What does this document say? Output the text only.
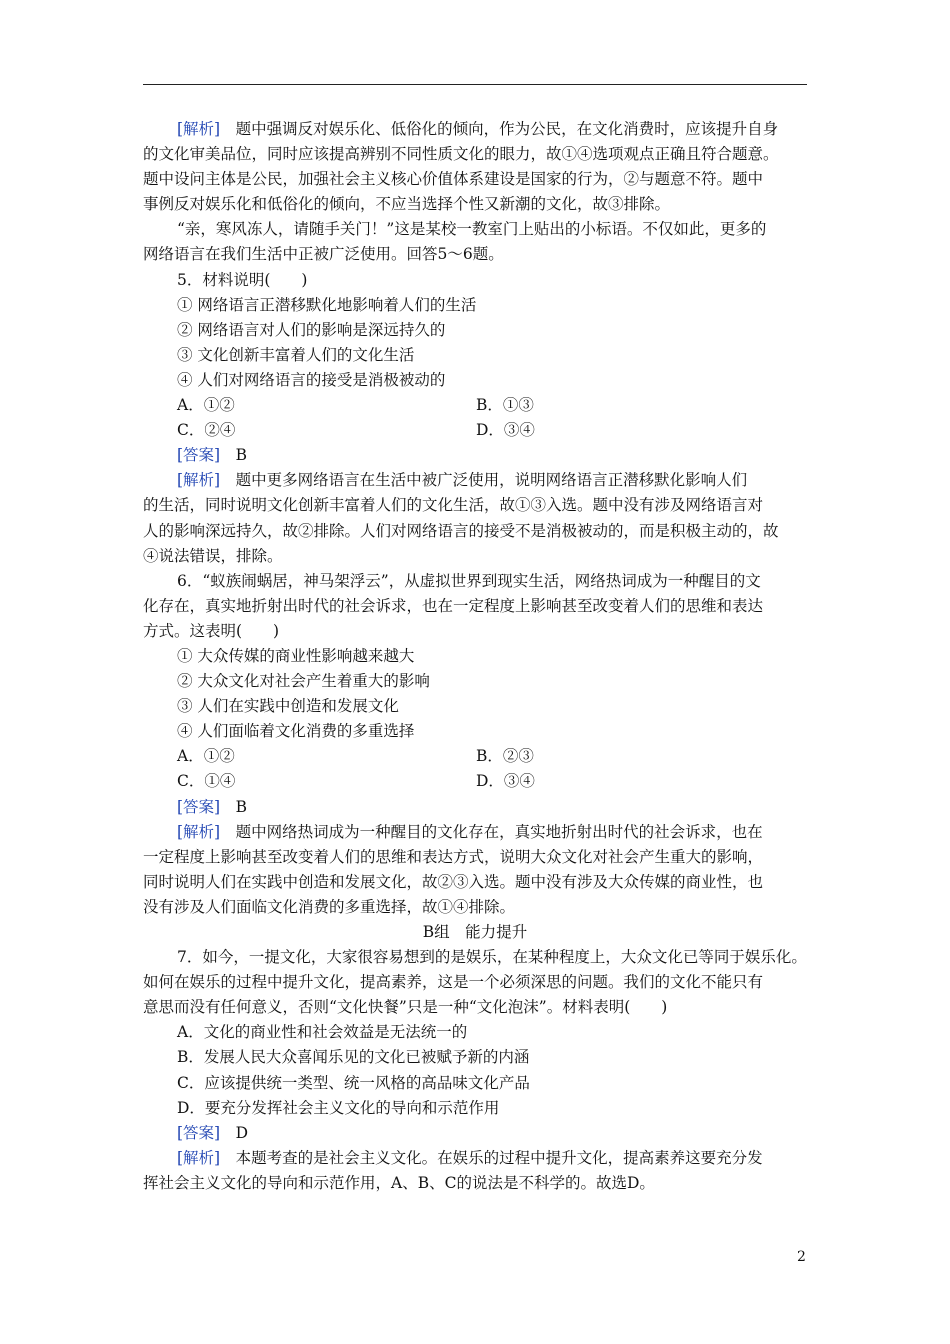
[解析]　 题中强调反对娱乐化、低俗化的倾向，作为公民，在文化消费时，应该提升自身
的文化审美品位，同时应该提高辨别不同性质文化的眼力，故①④选项观点正确且符合题意。
题中设问主体是公民，加强社会主义核心价值体系建设是国家的行为，②与题意不符。题中
事例反对娱乐化和低俗化的倾向，不应当选择个性又新潮的文化，故③排除。
“亲，寒风冻人，请随手关门！”这是某校一教室门上贴出的小标语。不仅如此，更多的
网络语言在我们生活中正被广泛使用。回答5～6题。
5．材料说明(　　)
① 网络语言正潜移默化地影响着人们的生活
② 网络语言对人们的影响是深远持久的
③ 文化创新丰富着人们的文化生活
④ 人们对网络语言的接受是消极被动的
A．①②	B．①③
C．②④	D．③④
[答案]　 B
[解析]　 题中更多网络语言在生活中被广泛使用，说明网络语言正潜移默化影响人们
的生活，同时说明文化创新丰富着人们的文化生活，故①③入选。题中没有涉及网络语言对
人的影响深远持久，故②排除。人们对网络语言的接受不是消极被动的，而是积极主动的，故
④说法错误，排除。
6．“蚁族闹蜗居，神马架浮云”，从虚拟世界到现实生活，网络热词成为一种醒目的文
化存在，真实地折射出时代的社会诉求，也在一定程度上影响甚至改变着人们的思维和表达
方式。这表明(　　)
① 大众传媒的商业性影响越来越大
② 大众文化对社会产生着重大的影响
③ 人们在实践中创造和发展文化
④ 人们面临着文化消费的多重选择
A．①②	B．②③
C．①④	D．③④
[答案]　 B
[解析]　 题中网络热词成为一种醒目的文化存在，真实地折射出时代的社会诉求，也在
一定程度上影响甚至改变着人们的思维和表达方式，说明大众文化对社会产生重大的影响，
同时说明人们在实践中创造和发展文化，故②③入选。题中没有涉及大众传媒的商业性，也
没有涉及人们面临文化消费的多重选择，故①④排除。
B组　能力提升
7．如今，一提文化，大家很容易想到的是娱乐，在某种程度上，大众文化已等同于娱乐化。
如何在娱乐的过程中提升文化，提高素养，这是一个必须深思的问题。我们的文化不能只有
意思而没有任何意义，否则“文化快餐”只是一种“文化泡沫”。材料表明(　　)
A．文化的商业性和社会效益是无法统一的
B．发展人民大众喜闻乐见的文化已被赋予新的内涵
C．应该提供统一类型、统一风格的高品味文化产品
D．要充分发挥社会主义文化的导向和示范作用
[答案]　 D
[解析]　 本题考查的是社会主义文化。在娱乐的过程中提升文化，提高素养这要充分发
挥社会主义文化的导向和示范作用，A、B、C的说法是不科学的。故选D。
2
